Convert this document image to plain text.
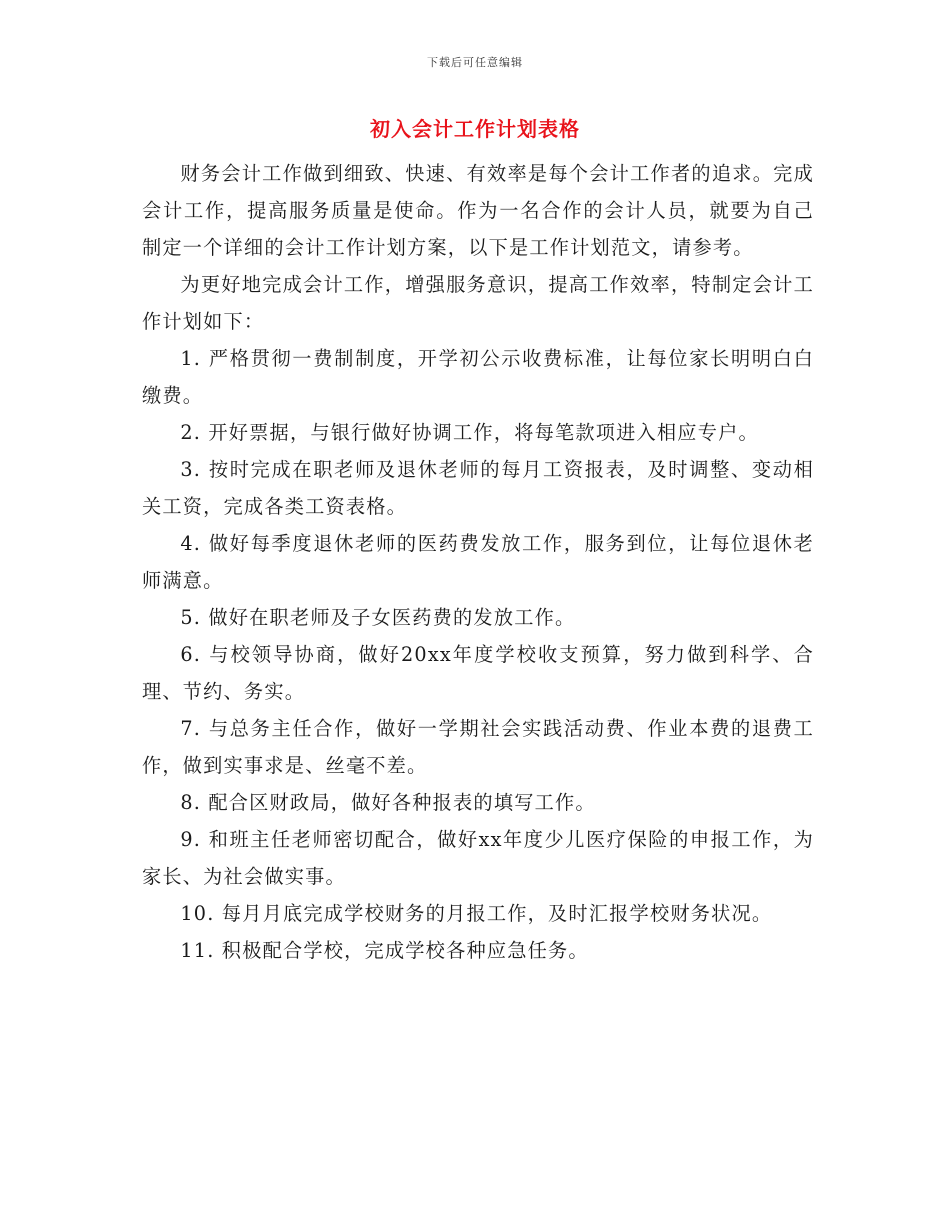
下载后可任意编辑
初入会计工作计划表格

财务会计工作做到细致、快速、有效率是每个会计工作者的追求。完成会计工作，提高服务质量是使命。作为一名合作的会计人员，就要为自己制定一个详细的会计工作计划方案，以下是工作计划范文，请参考。

为更好地完成会计工作，增强服务意识，提高工作效率，特制定会计工作计划如下：

1. 严格贯彻一费制制度，开学初公示收费标准，让每位家长明明白白缴费。

2. 开好票据，与银行做好协调工作，将每笔款项进入相应专户。

3. 按时完成在职老师及退休老师的每月工资报表，及时调整、变动相关工资，完成各类工资表格。

4. 做好每季度退休老师的医药费发放工作，服务到位，让每位退休老师满意。

5. 做好在职老师及子女医药费的发放工作。

6. 与校领导协商，做好20xx年度学校收支预算，努力做到科学、合理、节约、务实。

7. 与总务主任合作，做好一学期社会实践活动费、作业本费的退费工作，做到实事求是、丝毫不差。

8. 配合区财政局，做好各种报表的填写工作。

9. 和班主任老师密切配合，做好xx年度少儿医疗保险的申报工作，为家长、为社会做实事。

10. 每月月底完成学校财务的月报工作，及时汇报学校财务状况。

11. 积极配合学校，完成学校各种应急任务。
